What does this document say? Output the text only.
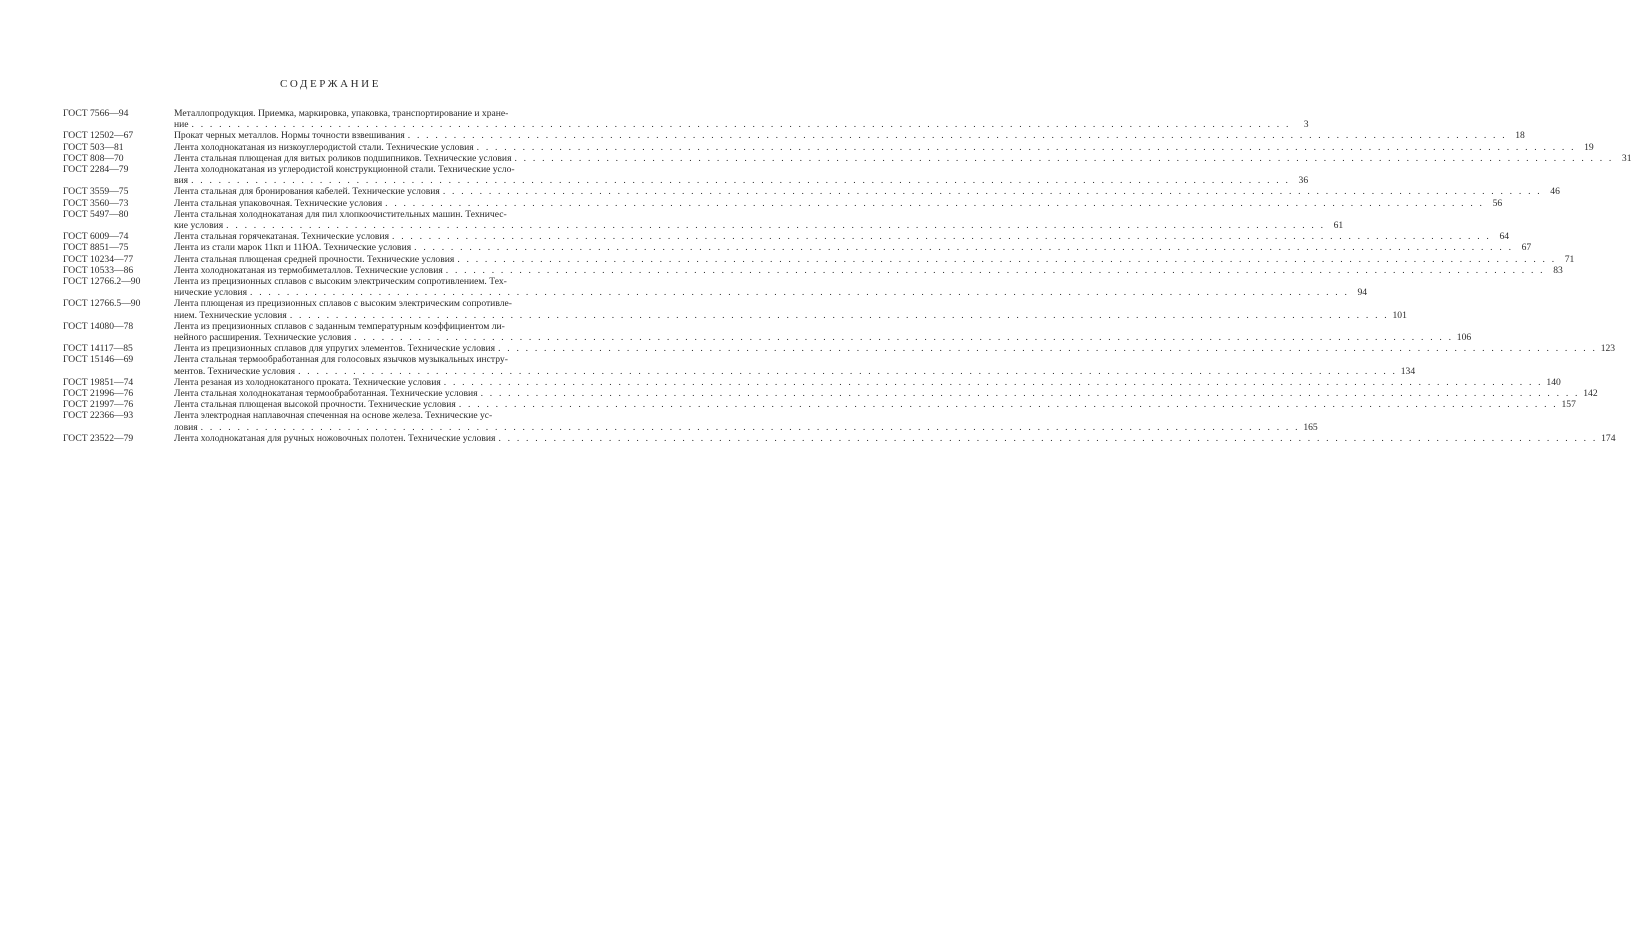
СОДЕРЖАНИЕ
ГОСТ 7566—94	Металлопродукция. Приемка, маркировка, упаковка, транспортирование и хране-
ние . . . . . . . . . . . . . . . . . . . . . . . . . . . . . . . . . . . . . . . . . . . . . . . . . . . . . . . . . . . . . . . . . . . . . . . . . . . . . . . . . . . . . . . . . . . . . . . . . . . . . . . . . . . . . . . . . . . . . . . .	3
ГОСТ 12502—67	Прокат черных металлов. Нормы точности взвешивания . . . . . . . . . . . . . . . . . . . . . . . . . . . . . . . . . . . . . . . . . . . . . . . . . . . . . . . . . . . . . . . . . . . . . . . . . . . . . . . . . . . . . . . . . . . . . . . . . . . . . . . . . . . . . . . . . . . . . . . . 18
ГОСТ 503—81	Лента холоднокатаная из низкоуглеродистой стали. Технические условия . . . . . . . . . . . . . . . . . . . . . . . . . . . . . . . . . . . . . . . . . . . . . . . . . . . . . . . . . . . . . . . . . . . . . . . . . . . . . . . . . . . . . . . . . . . . . . . . . . . . . . . . . . . . . . . . . . . . . . . . 19
ГОСТ 808—70	Лента стальная плющеная для витых роликов подшипников. Технические условия . . . . . . . . . . . . . . . . . . . . . . . . . . . . . . . . . . . . . . . . . . . . . . . . . . . . . . . . . . . . . . . . . . . . . . . . . . . . . . . . . . . . . . . . . . . . . . . . . . . . . . . . . . . . . . . . . . . . . . . . 31
ГОСТ 2284—79	Лента холоднокатаная из углеродистой конструкционной стали. Технические усло-
вия . . . . . . . . . . . . . . . . . . . . . . . . . . . . . . . . . . . . . . . . . . . . . . . . . . . . . . . . . . . . . . . . . . . . . . . . . . . . . . . . . . . . . . . . . . . . . . . . . . . . . . . . . . . . . . . . . . . . . . . . 36
ГОСТ 3559—75	Лента стальная для бронирования кабелей. Технические условия . . . . . . . . . . . . . . . . . . . . . . . . . . . . . . . . . . . . . . . . . . . . . . . . . . . . . . . . . . . . . . . . . . . . . . . . . . . . . . . . . . . . . . . . . . . . . . . . . . . . . . . . . . . . . . . . . . . . . . . . 46
ГОСТ 3560—73	Лента стальная упаковочная. Технические условия . . . . . . . . . . . . . . . . . . . . . . . . . . . . . . . . . . . . . . . . . . . . . . . . . . . . . . . . . . . . . . . . . . . . . . . . . . . . . . . . . . . . . . . . . . . . . . . . . . . . . . . . . . . . . . . . . . . . . . . . 56
ГОСТ 5497—80	Лента стальная холоднокатаная для пил хлопкоочистительных машин. Техничес-
кие условия . . . . . . . . . . . . . . . . . . . . . . . . . . . . . . . . . . . . . . . . . . . . . . . . . . . . . . . . . . . . . . . . . . . . . . . . . . . . . . . . . . . . . . . . . . . . . . . . . . . . . . . . . . . . . . . . . . . . . . . . 61
ГОСТ 6009—74	Лента стальная горячекатаная. Технические условия . . . . . . . . . . . . . . . . . . . . . . . . . . . . . . . . . . . . . . . . . . . . . . . . . . . . . . . . . . . . . . . . . . . . . . . . . . . . . . . . . . . . . . . . . . . . . . . . . . . . . . . . . . . . . . . . . . . . . . . . 64
ГОСТ 8851—75	Лента из стали марок 11кп и 11ЮА. Технические условия . . . . . . . . . . . . . . . . . . . . . . . . . . . . . . . . . . . . . . . . . . . . . . . . . . . . . . . . . . . . . . . . . . . . . . . . . . . . . . . . . . . . . . . . . . . . . . . . . . . . . . . . . . . . . . . . . . . . . . . . 67
ГОСТ 10234—77	Лента стальная плющеная средней прочности. Технические условия . . . . . . . . . . . . . . . . . . . . . . . . . . . . . . . . . . . . . . . . . . . . . . . . . . . . . . . . . . . . . . . . . . . . . . . . . . . . . . . . . . . . . . . . . . . . . . . . . . . . . . . . . . . . . . . . . . . . . . . . 71
ГОСТ 10533—86	Лента холоднокатаная из термобиметаллов. Технические условия . . . . . . . . . . . . . . . . . . . . . . . . . . . . . . . . . . . . . . . . . . . . . . . . . . . . . . . . . . . . . . . . . . . . . . . . . . . . . . . . . . . . . . . . . . . . . . . . . . . . . . . . . . . . . . . . . . . . . . . . 83
ГОСТ 12766.2—90	Лента из прецизионных сплавов с высоким электрическим сопротивлением. Тех-
нические условия . . . . . . . . . . . . . . . . . . . . . . . . . . . . . . . . . . . . . . . . . . . . . . . . . . . . . . . . . . . . . . . . . . . . . . . . . . . . . . . . . . . . . . . . . . . . . . . . . . . . . . . . . . . . . . . . . . . . . . . . 94
ГОСТ 12766.5—90	Лента плющеная из прецизионных сплавов с высоким электрическим сопротивле-
нием. Технические условия . . . . . . . . . . . . . . . . . . . . . . . . . . . . . . . . . . . . . . . . . . . . . . . . . . . . . . . . . . . . . . . . . . . . . . . . . . . . . . . . . . . . . . . . . . . . . . . . . . . . . . . . . . . . . . . . . . . . . . . . 101
ГОСТ 14080—78	Лента из прецизионных сплавов с заданным температурным коэффициентом ли-
нейного расширения. Технические условия . . . . . . . . . . . . . . . . . . . . . . . . . . . . . . . . . . . . . . . . . . . . . . . . . . . . . . . . . . . . . . . . . . . . . . . . . . . . . . . . . . . . . . . . . . . . . . . . . . . . . . . . . . . . . . . . . . . . . . . . 106
ГОСТ 14117—85	Лента из прецизионных сплавов для упругих элементов. Технические условия . . . . . . . . . . . . . . . . . . . . . . . . . . . . . . . . . . . . . . . . . . . . . . . . . . . . . . . . . . . . . . . . . . . . . . . . . . . . . . . . . . . . . . . . . . . . . . . . . . . . . . . . . . . . . . . . . . . . . . . . 123
ГОСТ 15146—69	Лента стальная термообработанная для голосовых язычков музыкальных инстру-
ментов. Технические условия . . . . . . . . . . . . . . . . . . . . . . . . . . . . . . . . . . . . . . . . . . . . . . . . . . . . . . . . . . . . . . . . . . . . . . . . . . . . . . . . . . . . . . . . . . . . . . . . . . . . . . . . . . . . . . . . . . . . . . . . 134
ГОСТ 19851—74	Лента резаная из холоднокатаного проката. Технические условия . . . . . . . . . . . . . . . . . . . . . . . . . . . . . . . . . . . . . . . . . . . . . . . . . . . . . . . . . . . . . . . . . . . . . . . . . . . . . . . . . . . . . . . . . . . . . . . . . . . . . . . . . . . . . . . . . . . . . . . . 140
ГОСТ 21996—76	Лента стальная холоднокатаная термообработанная. Технические условия . . . . . . . . . . . . . . . . . . . . . . . . . . . . . . . . . . . . . . . . . . . . . . . . . . . . . . . . . . . . . . . . . . . . . . . . . . . . . . . . . . . . . . . . . . . . . . . . . . . . . . . . . . . . . . . . . . . . . . . . 142
ГОСТ 21997—76	Лента стальная плющеная высокой прочности. Технические условия . . . . . . . . . . . . . . . . . . . . . . . . . . . . . . . . . . . . . . . . . . . . . . . . . . . . . . . . . . . . . . . . . . . . . . . . . . . . . . . . . . . . . . . . . . . . . . . . . . . . . . . . . . . . . . . . . . . . . . . . 157
ГОСТ 22366—93	Лента электродная наплавочная спеченная на основе железа. Технические ус-
ловия . . . . . . . . . . . . . . . . . . . . . . . . . . . . . . . . . . . . . . . . . . . . . . . . . . . . . . . . . . . . . . . . . . . . . . . . . . . . . . . . . . . . . . . . . . . . . . . . . . . . . . . . . . . . . . . . . . . . . . . . 165
ГОСТ 23522—79	Лента холоднокатаная для ручных ножовочных полотен. Технические условия . . . . . . . . . . . . . . . . . . . . . . . . . . . . . . . . . . . . . . . . . . . . . . . . . . . . . . . . . . . . . . . . . . . . . . . . . . . . . . . . . . . . . . . . . . . . . . . . . . . . . . . . . . . . . . . . . . . . . . . . 174
